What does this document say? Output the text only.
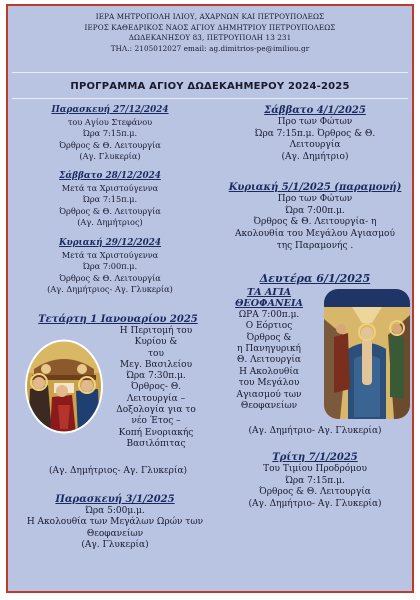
ΙΕΡΑ ΜΗΤΡΟΠΟΛΗ ΙΛΙΟΥ, ΑΧΑΡΝΩΝ ΚΑΙ ΠΕΤΡΟΥΠΟΛΕΩΣ
ΙΕΡΟΣ ΚΑΘΕΔΡΙΚΟΣ ΝΑΟΣ ΑΓΙΟΥ ΔΗΜΗΤΡΙΟΥ ΠΕΤΡΟΥΠΟΛΕΩΣ
ΔΩΔΕΚΑΝΗΣΟΥ 83, ΠΕΤΡΟΥΠΟΛΗ 13 231
ΤΗΛ.: 2105012027 email: ag.dimitrios-pe@imiliou.gr
ΠΡΟΓΡΑΜΜΑ ΑΓΙΟΥ ΔΩΔΕΚΑΗΜΕΡΟΥ 2024-2025
Παρασκευή 27/12/2024
του Αγίου Στεφάνου
Ώρα 7:15π.μ.
Όρθρος & Θ. Λειτουργία
(Αγ. Γλυκερία)
Σάββατο 28/12/2024
Μετά τα Χριστούγεννα
Ώρα 7:15π.μ.
Όρθρος & Θ. Λειτουργία
(Αγ. Δημήτριος)
Κυριακή 29/12/2024
Μετά τα Χριστούγεννα
Ώρα 7:00π.μ.
Όρθρος & Θ. Λειτουργία
(Αγ. Δημήτριος- Αγ. Γλυκερία)
Τετάρτη 1 Ιανουαρίου 2025
Η Περιτομή του
Κυρίου &
του
Μεγ. Βασιλείου
Ώρα 7:30π.μ.
Όρθρος- Θ.
Λειτουργία –
Δοξολογία για το
νέο Έτος –
Κοπή Ενοριακής
Βασιλόπιτας
(Αγ. Δημήτριος- Αγ. Γλυκερία)
Παρασκευή 3/1/2025
Ώρα 5:00μ.μ.
Η Ακολουθία των Μεγάλων Ωρών των
Θεοφανείων
(Αγ. Γλυκερία)
Σάββατο 4/1/2025
Προ των Φώτων
Ώρα 7:15π.μ. Όρθρος & Θ.
Λειτουργία
(Αγ. Δημήτριο)
Κυριακή 5/1/2025 (παραμονή)
Προ των Φώτων
Ώρα 7:00π.μ.
Όρθρος & Θ. Λειτουργία- η
Ακολουθία του Μεγάλου Αγιασμού
της Παραμονής .
Δευτέρα 6/1/2025
ΤΑ ΑΓΙΑ
ΘΕΟΦΑΝΕΙΑ
ΩΡΑ 7:00π.μ.
Ο Εόρτιος
Όρθρος &
η Πανηγυρική
Θ. Λειτουργία
Η Ακολουθία
του Μεγάλου
Αγιασμού των
Θεοφανείων
(Αγ. Δημήτριο- Αγ. Γλυκερία)
Τρίτη 7/1/2025
Του Τιμίου Προδρόμου
Ώρα 7:15π.μ.
Όρθρος & Θ. Λειτουργία
(Αγ. Δημήτριο- Αγ. Γλυκερία)
